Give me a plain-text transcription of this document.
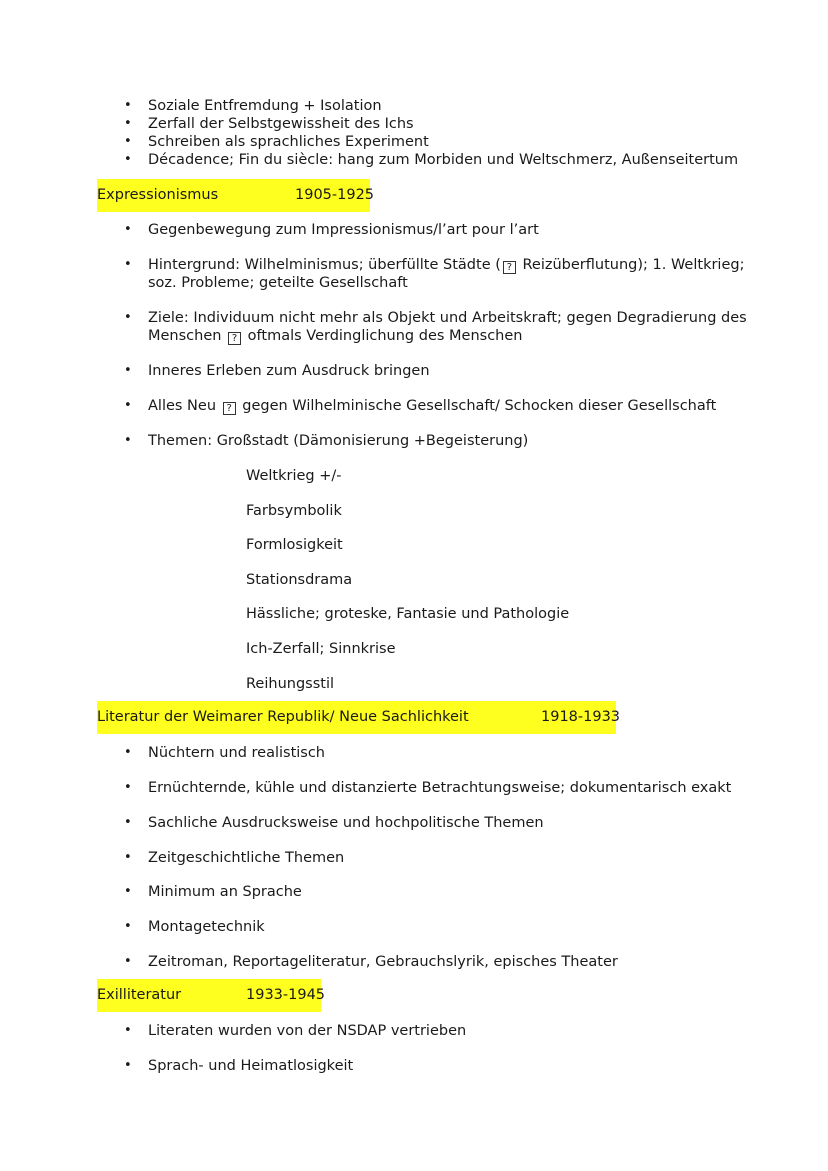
• Soziale Entfremdung + Isolation
• Zerfall der Selbstgewissheit des Ichs
• Schreiben als sprachliches Experiment
• Décadence; Fin du siècle: hang zum Morbiden und Weltschmerz, Außenseitertum
Expressionismus	1905-1925
• Gegenbewegung zum Impressionismus/l’art pour l’art
• Hintergrund: Wilhelminismus; überfüllte Städte ( ? Reizüberflutung); 1. Weltkrieg;
soz. Probleme; geteilte Gesellschaft
• Ziele: Individuum nicht mehr als Objekt und Arbeitskraft; gegen Degradierung des
Menschen ? oftmals Verdinglichung des Menschen
• Inneres Erleben zum Ausdruck bringen
• Alles Neu ? gegen Wilhelminische Gesellschaft/ Schocken dieser Gesellschaft
• Themen: Großstadt (Dämonisierung +Begeisterung)
Weltkrieg +/-
Farbsymbolik
Formlosigkeit
Stationsdrama
Hässliche; groteske, Fantasie und Pathologie
Ich-Zerfall; Sinnkrise
Reihungsstil
Literatur der Weimarer Republik/ Neue Sachlichkeit	1918-1933
• Nüchtern und realistisch
• Ernüchternde, kühle und distanzierte Betrachtungsweise; dokumentarisch exakt
• Sachliche Ausdrucksweise und hochpolitische Themen
• Zeitgeschichtliche Themen
• Minimum an Sprache
• Montagetechnik
• Zeitroman, Reportageliteratur, Gebrauchslyrik, episches Theater
Exilliteratur	1933-1945
• Literaten wurden von der NSDAP vertrieben
• Sprach- und Heimatlosigkeit
